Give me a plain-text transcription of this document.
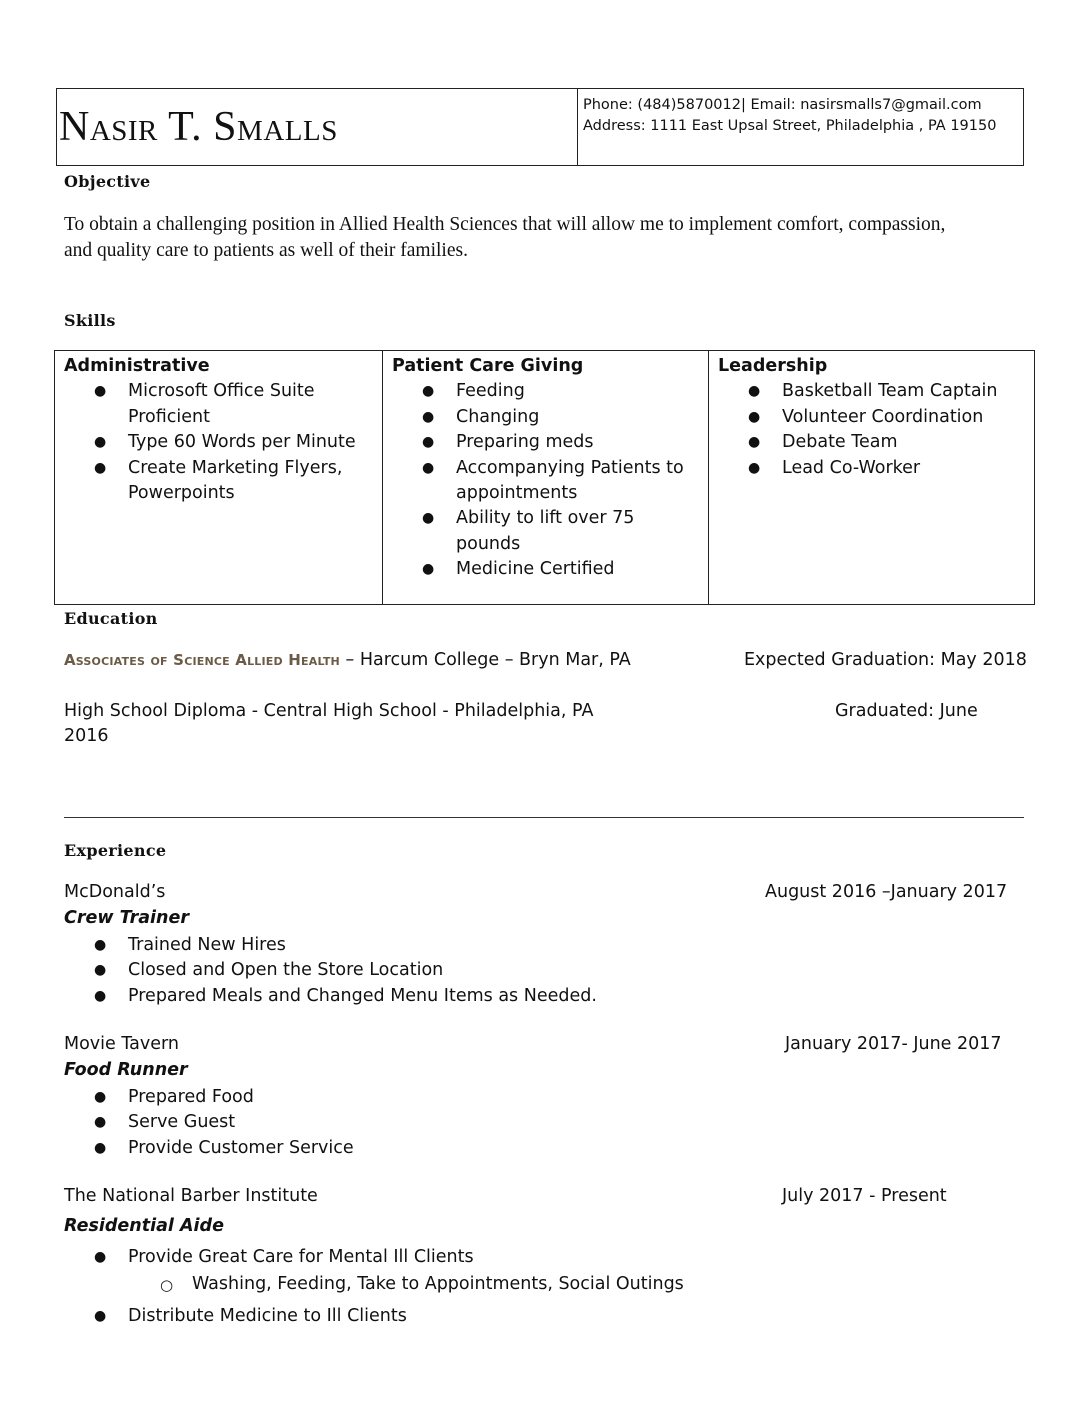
Nasir T. Smalls	Phone: (484)5870012| Email: nasirsmalls7@gmail.com
Address: 1111 East Upsal Street, Philadelphia , PA 19150
Objective
To obtain a challenging position in Allied Health Sciences that will allow me to implement comfort, compassion, and quality care to patients as well of their families.
Skills
Administrative
● Microsoft Office Suite Proficient
● Type 60 Words per Minute
● Create Marketing Flyers, Powerpoints
Patient Care Giving
● Feeding
● Changing
● Preparing meds
● Accompanying Patients to appointments
● Ability to lift over 75 pounds
● Medicine Certified
Leadership
● Basketball Team Captain
● Volunteer Coordination
● Debate Team
● Lead Co-Worker
Education
Associates of Science Allied Health – Harcum College – Bryn Mar, PA	Expected Graduation: May 2018
High School Diploma - Central High School - Philadelphia, PA	Graduated: June
2016
Experience
McDonald’s	August 2016 –January 2017
Crew Trainer
● Trained New Hires
● Closed and Open the Store Location
● Prepared Meals and Changed Menu Items as Needed.
Movie Tavern	January 2017- June 2017
Food Runner
● Prepared Food
● Serve Guest
● Provide Customer Service
The National Barber Institute	July 2017 - Present
Residential Aide
● Provide Great Care for Mental Ill Clients
○ Washing, Feeding, Take to Appointments, Social Outings
● Distribute Medicine to Ill Clients
